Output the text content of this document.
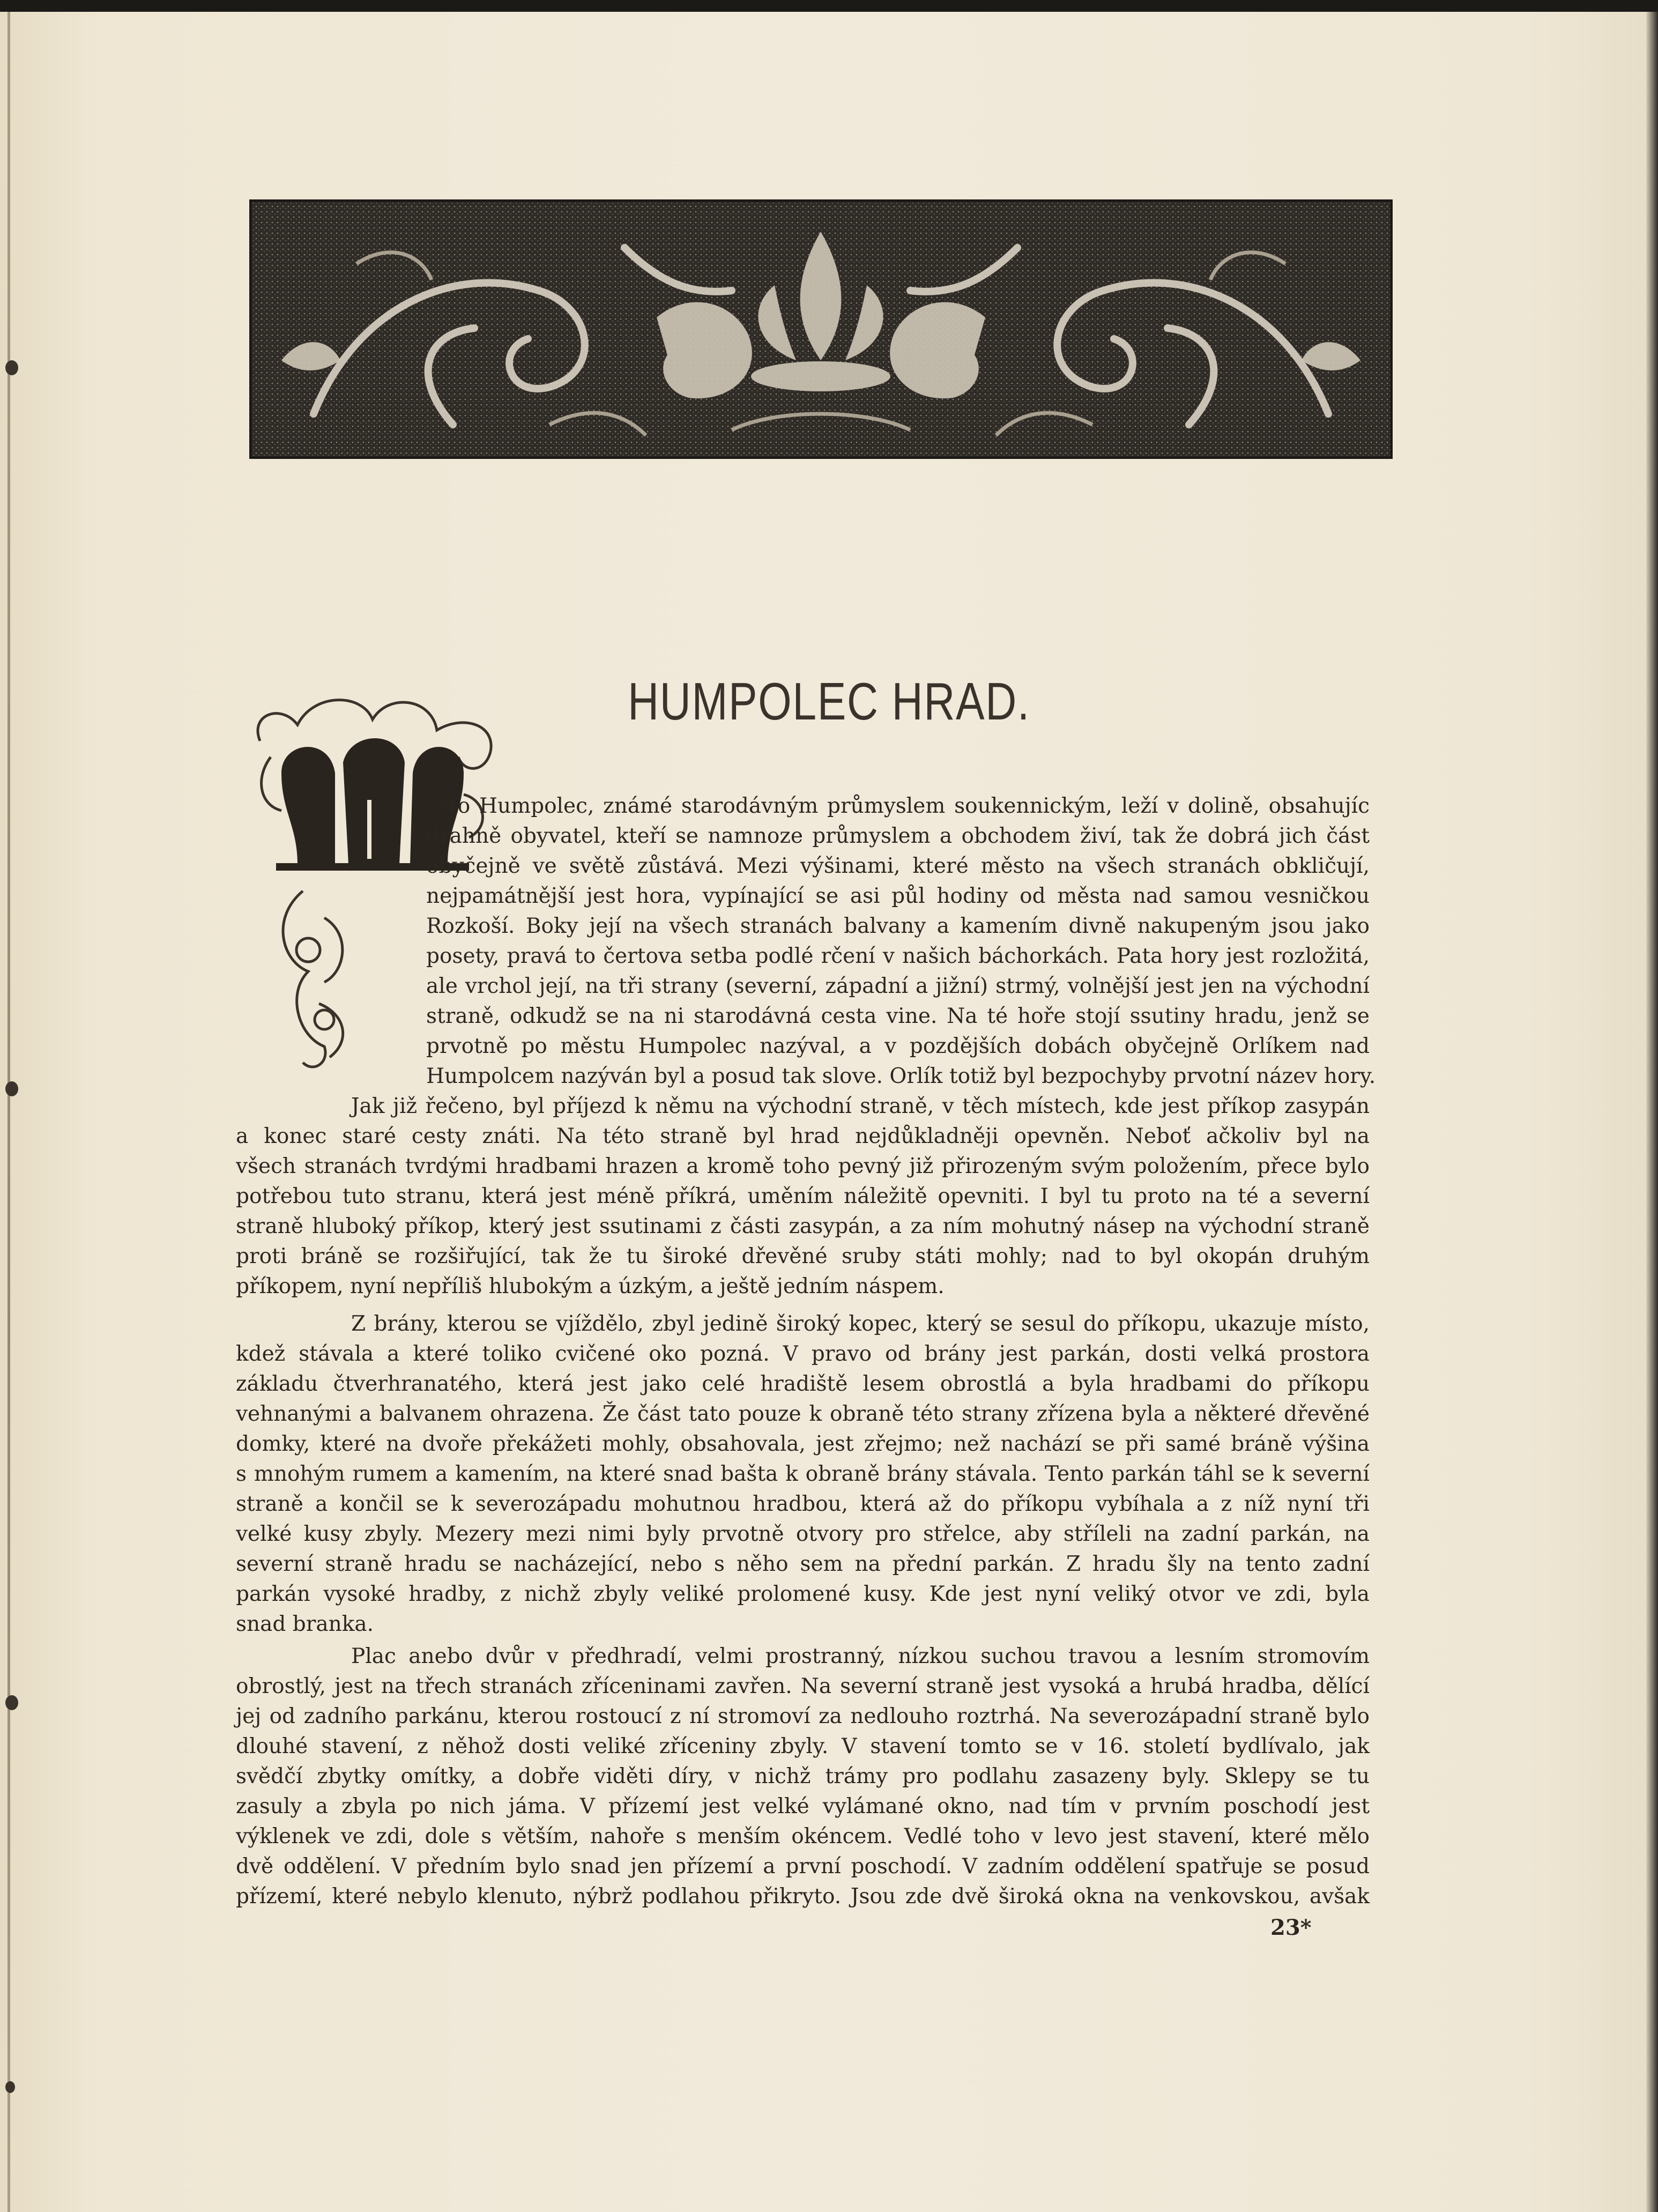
HUMPOLEC HRAD.
ěsto Humpolec, známé starodávným průmyslem soukennickým, leží v dolině, obsahujíc
drahně obyvatel, kteří se namnoze průmyslem a obchodem živí, tak že dobrá jich část
obyčejně ve světě zůstává. Mezi výšinami, které město na všech stranách obkličují,
nejpamátnější jest hora, vypínající se asi půl hodiny od města nad samou vesničkou
Rozkoší. Boky její na všech stranách balvany a kamením divně nakupeným jsou jako
posety, pravá to čertova setba podlé rčení v našich báchorkách. Pata hory jest rozložitá,
ale vrchol její, na tři strany (severní, západní a jižní) strmý, volnější jest jen na východní
straně, odkudž se na ni starodávná cesta vine. Na té hoře stojí ssutiny hradu, jenž se
prvotně po městu Humpolec nazýval, a v pozdějších dobách obyčejně Orlíkem nad
Humpolcem nazýván byl a posud tak slove. Orlík totiž byl bezpochyby prvotní název hory.
Jak již řečeno, byl příjezd k němu na východní straně, v těch místech, kde jest příkop zasypán
a konec staré cesty znáti. Na této straně byl hrad nejdůkladněji opevněn. Neboť ačkoliv byl na
všech stranách tvrdými hradbami hrazen a kromě toho pevný již přirozeným svým položením, přece bylo
potřebou tuto stranu, která jest méně příkrá, uměním náležitě opevniti. I byl tu proto na té a severní
straně hluboký příkop, který jest ssutinami z části zasypán, a za ním mohutný násep na východní straně
proti bráně se rozšiřující, tak že tu široké dřevěné sruby státi mohly; nad to byl okopán druhým
příkopem, nyní nepříliš hlubokým a úzkým, a ještě jedním náspem.
Z brány, kterou se vjíždělo, zbyl jedině široký kopec, který se sesul do příkopu, ukazuje místo,
kdež stávala a které toliko cvičené oko pozná. V pravo od brány jest parkán, dosti velká prostora
základu čtverhranatého, která jest jako celé hradiště lesem obrostlá a byla hradbami do příkopu
vehnanými a balvanem ohrazena. Že část tato pouze k obraně této strany zřízena byla a některé dřevěné
domky, které na dvoře překážeti mohly, obsahovala, jest zřejmo; než nachází se při samé bráně výšina
s mnohým rumem a kamením, na které snad bašta k obraně brány stávala. Tento parkán táhl se k severní
straně a končil se k severozápadu mohutnou hradbou, která až do příkopu vybíhala a z níž nyní tři
velké kusy zbyly. Mezery mezi nimi byly prvotně otvory pro střelce, aby stříleli na zadní parkán, na
severní straně hradu se nacházející, nebo s něho sem na přední parkán. Z hradu šly na tento zadní
parkán vysoké hradby, z nichž zbyly veliké prolomené kusy. Kde jest nyní veliký otvor ve zdi, byla
snad branka.
Plac anebo dvůr v předhradí, velmi prostranný, nízkou suchou travou a lesním stromovím
obrostlý, jest na třech stranách zříceninami zavřen. Na severní straně jest vysoká a hrubá hradba, dělící
jej od zadního parkánu, kterou rostoucí z ní stromoví za nedlouho roztrhá. Na severozápadní straně bylo
dlouhé stavení, z něhož dosti veliké zříceniny zbyly. V stavení tomto se v 16. století bydlívalo, jak
svědčí zbytky omítky, a dobře viděti díry, v nichž trámy pro podlahu zasazeny byly. Sklepy se tu
zasuly a zbyla po nich jáma. V přízemí jest velké vylámané okno, nad tím v prvním poschodí jest
výklenek ve zdi, dole s větším, nahoře s menším okéncem. Vedlé toho v levo jest stavení, které mělo
dvě oddělení. V předním bylo snad jen přízemí a první poschodí. V zadním oddělení spatřuje se posud
přízemí, které nebylo klenuto, nýbrž podlahou přikryto. Jsou zde dvě široká okna na venkovskou, avšak
23*
